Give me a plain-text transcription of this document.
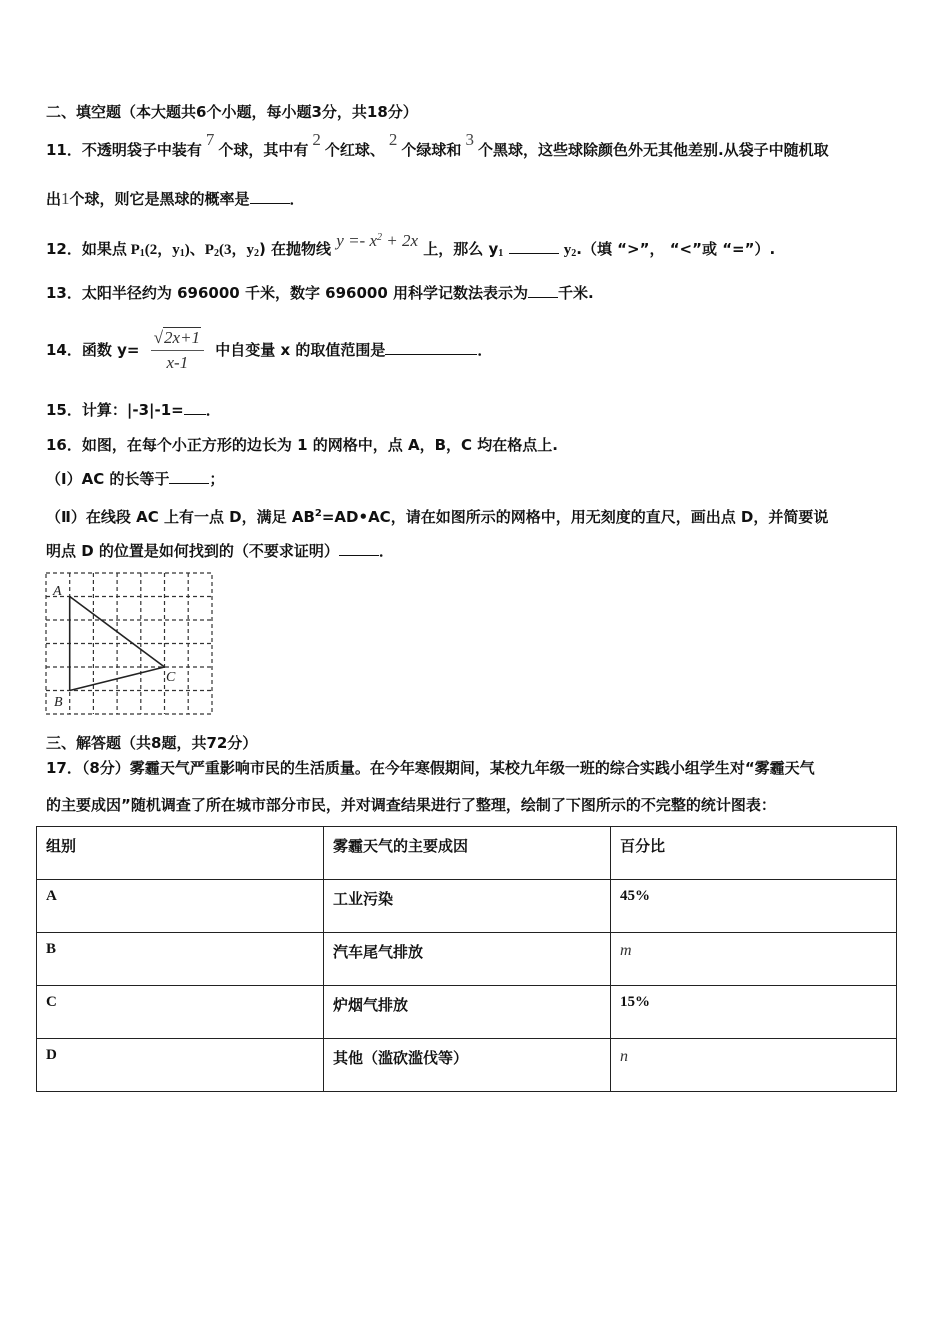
二、填空题（本大题共6个小题，每小题3分，共18分）
11．不透明袋子中装有7个球，其中有2个红球、2个绿球和3个黑球，这些球除颜色外无其他差别.从袋子中随机取
出1个球，则它是黑球的概率是	．
12．如果点 $P_1(2$，$y_1$)、$P_2(3$，$y_2$) 在抛物线 $y =- x^2 + 2x$ 上，那么 $y_1$	$y_2$.（填 “>”， “<”或 “=”）.
13．太阳半径约为 696000 千米，数字 696000 用科学记数法表示为 千米.
14．函数 $y= \frac{√2x+1}{x-1}$ 中自变量 x 的取值范围是	．
15．计算：|-3|-1= ．
16．如图，在每个小正方形的边长为 1 的网格中，点 A，B，C 均在格点上.
（Ⅰ）AC 的长等于	；
（Ⅱ）在线段 AC 上有一点 D，满足 $AB^2=AD•AC$，请在如图所示的网格中，用无刻度的直尺，画出点 D，并简要说
明点 D 的位置是如何找到的（不要求证明）	．
A
B
C
三、解答题（共8题，共72分）
17．（8分）雾霾天气严重影响市民的生活质量。在今年寒假期间，某校九年级一班的综合实践小组学生对“雾霾天气
的主要成因”随机调查了所在城市部分市民，并对调查结果进行了整理，绘制了下图所示的不完整的统计图表：
组别	雾霾天气的主要成因	百分比
A	工业污染	45%
B	汽车尾气排放	m
C	炉烟气排放	15%
D	其他（滥砍滥伐等）	n
